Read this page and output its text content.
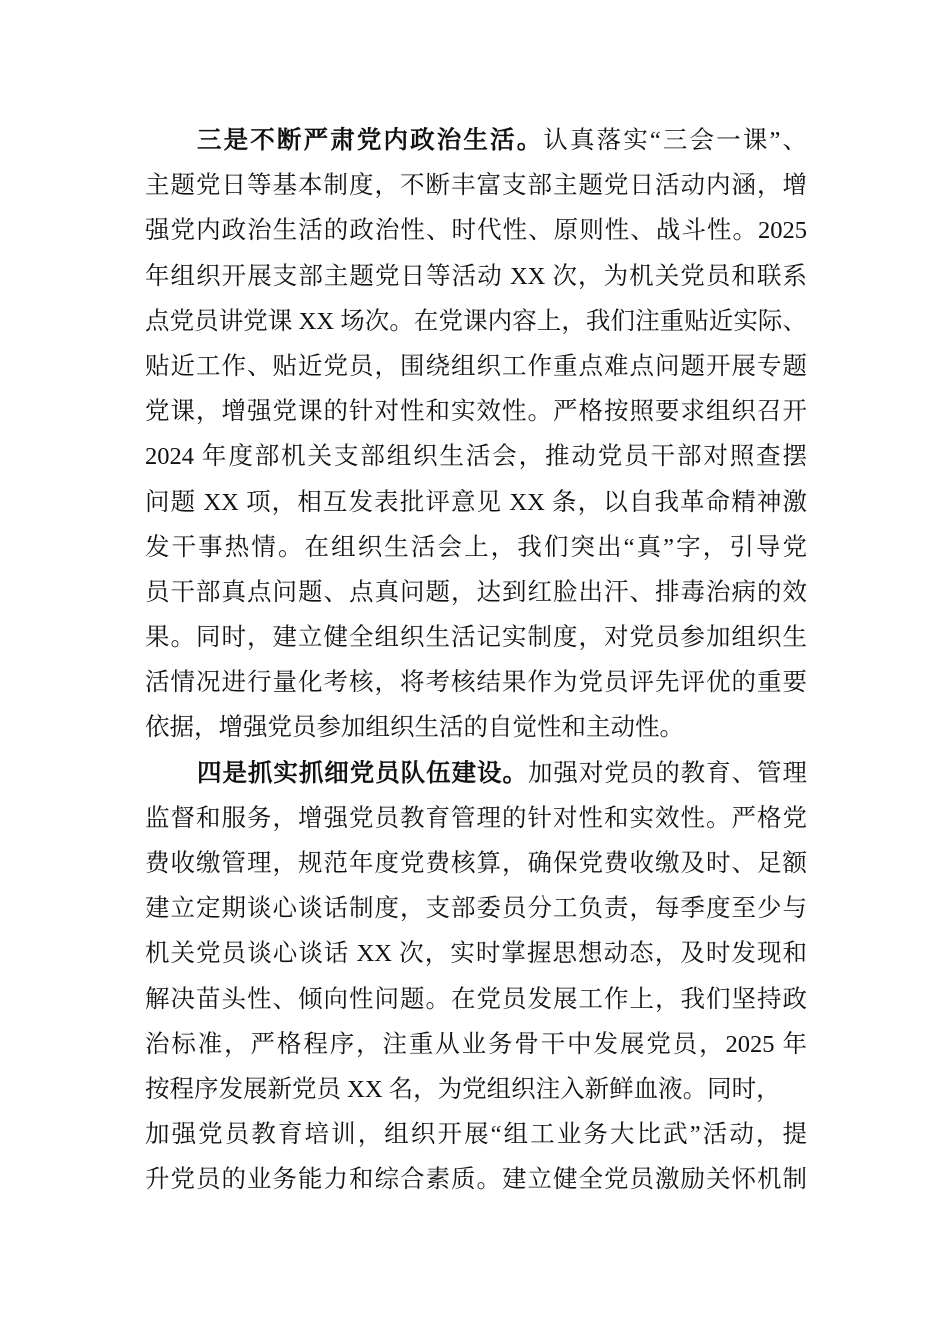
三是不断严肃党内政治生活。认真落实“三会一课”、
主题党日等基本制度，不断丰富支部主题党日活动内涵，增
强党内政治生活的政治性、时代性、原则性、战斗性。2025
年组织开展支部主题党日等活动 XX 次，为机关党员和联系
点党员讲党课 XX 场次。在党课内容上，我们注重贴近实际、
贴近工作、贴近党员，围绕组织工作重点难点问题开展专题
党课，增强党课的针对性和实效性。严格按照要求组织召开
2024 年度部机关支部组织生活会，推动党员干部对照查摆
问题 XX 项，相互发表批评意见 XX 条，以自我革命精神激
发干事热情。在组织生活会上，我们突出“真”字，引导党
员干部真点问题、点真问题，达到红脸出汗、排毒治病的效
果。同时，建立健全组织生活记实制度，对党员参加组织生
活情况进行量化考核，将考核结果作为党员评先评优的重要
依据，增强党员参加组织生活的自觉性和主动性。
四是抓实抓细党员队伍建设。加强对党员的教育、管理
监督和服务，增强党员教育管理的针对性和实效性。严格党
费收缴管理，规范年度党费核算，确保党费收缴及时、足额
建立定期谈心谈话制度，支部委员分工负责，每季度至少与
机关党员谈心谈话 XX 次，实时掌握思想动态，及时发现和
解决苗头性、倾向性问题。在党员发展工作上，我们坚持政
治标准，严格程序，注重从业务骨干中发展党员，2025 年
按程序发展新党员 XX 名，为党组织注入新鲜血液。同时，
加强党员教育培训，组织开展“组工业务大比武”活动，提
升党员的业务能力和综合素质。建立健全党员激励关怀机制
